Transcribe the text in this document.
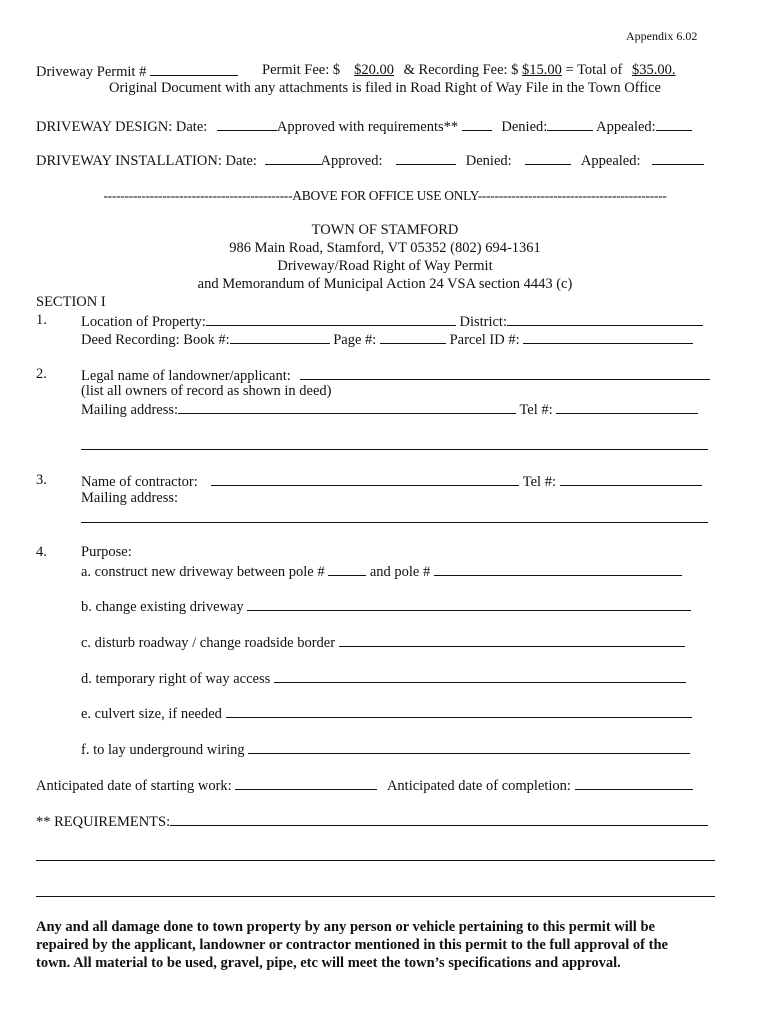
Appendix 6.02
Driveway Permit #	Permit Fee: $ $20.00 & Recording Fee: $ $15.00 = Total of $35.00.
Original Document with any attachments is filed in Road Right of Way File in the Town Office
DRIVEWAY DESIGN: Date:	Approved with requirements**	Denied:	Appealed:
DRIVEWAY INSTALLATION: Date:	Approved:	Denied:	Appealed:
---------------------------------------------ABOVE FOR OFFICE USE ONLY---------------------------------------------
TOWN OF STAMFORD
986 Main Road, Stamford, VT 05352 (802) 694-1361
Driveway/Road Right of Way Permit
and Memorandum of Municipal Action 24 VSA section 4443 (c)
SECTION I
1. Location of Property:	District:
Deed Recording: Book #:	Page #:	Parcel ID #:
2. Legal name of landowner/applicant:
(list all owners of record as shown in deed)
Mailing address:	Tel #:
3. Name of contractor:	Tel #:
Mailing address:
4. Purpose:
a. construct new driveway between pole #	and pole #
b. change existing driveway
c. disturb roadway / change roadside border
d. temporary right of way access
e. culvert size, if needed
f. to lay underground wiring
Anticipated date of starting work:	Anticipated date of completion:
** REQUIREMENTS:
Any and all damage done to town property by any person or vehicle pertaining to this permit will be
repaired by the applicant, landowner or contractor mentioned in this permit to the full approval of the
town. All material to be used, gravel, pipe, etc will meet the town’s specifications and approval.
